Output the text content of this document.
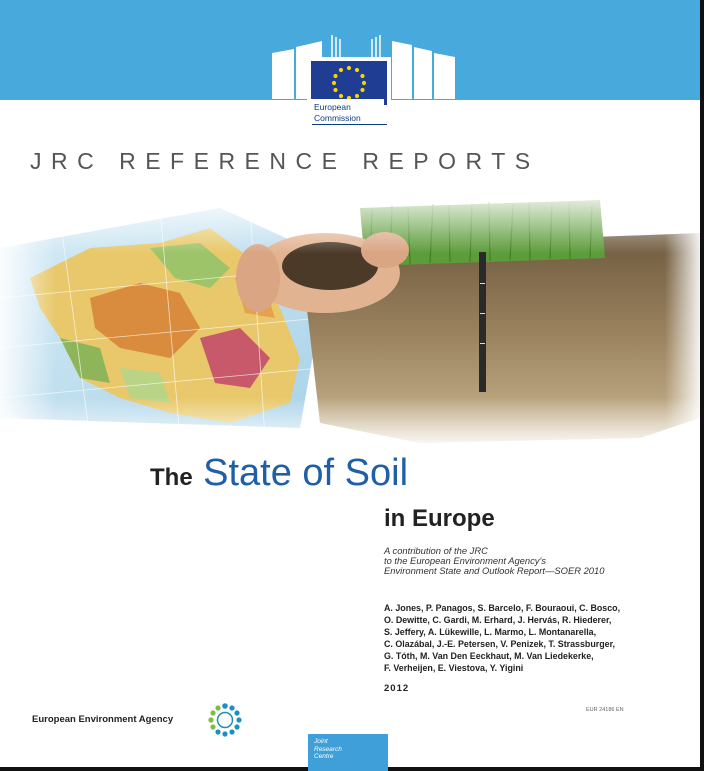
European
Commission
JRC REFERENCE REPORTS
The State of Soil
in Europe
A contribution of the JRC
to the European Environment Agency's
Environment State and Outlook Report—SOER 2010
A. Jones, P. Panagos, S. Barcelo, F. Bouraoui, C. Bosco,
O. Dewitte, C. Gardi, M. Erhard, J. Hervás, R. Hiederer,
S. Jeffery, A. Lükewille, L. Marmo, L. Montanarella,
C. Olazábal, J.-E. Petersen, V. Penizek, T. Strassburger,
G. Tóth, M. Van Den Eeckhaut, M. Van Liedekerke,
F. Verheijen, E. Viestova, Y. Yigini
2012
European Environment Agency
EUR 24186 EN
Joint
Research
Centre
